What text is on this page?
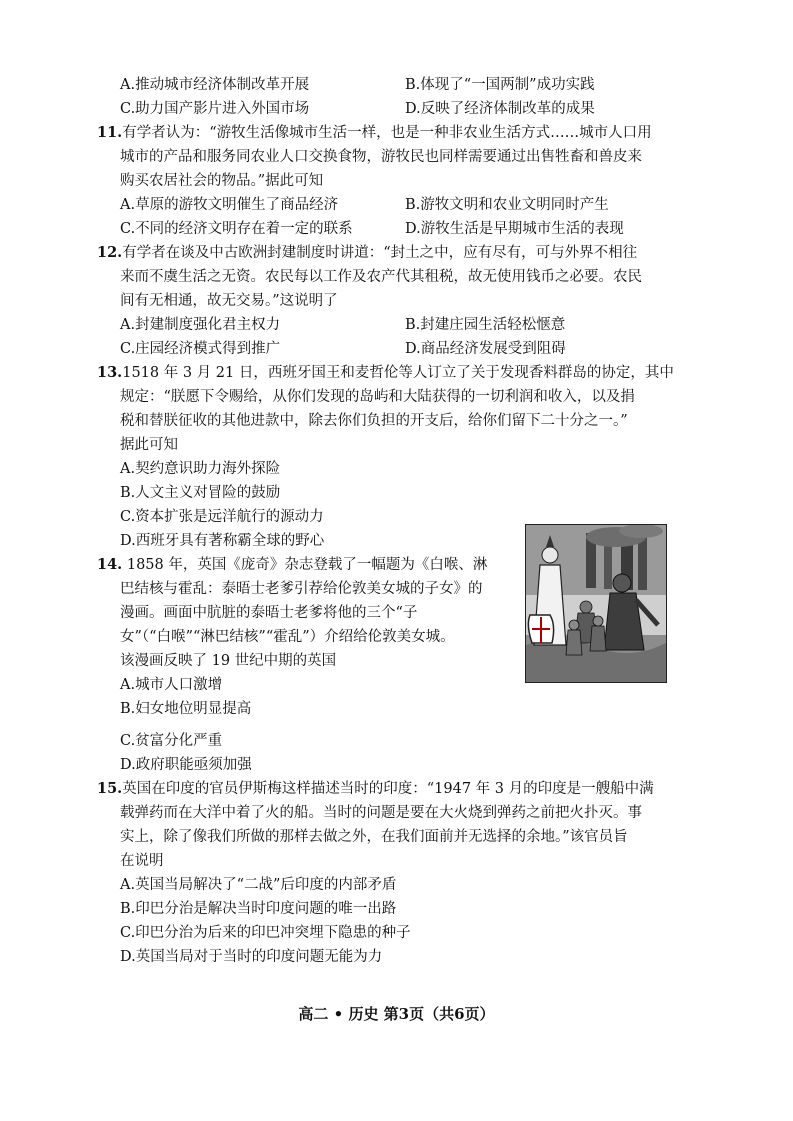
A.推动城市经济体制改革开展	B.体现了“一国两制”成功实践
C.助力国产影片进入外国市场	D.反映了经济体制改革的成果
11.有学者认为：“游牧生活像城市生活一样，也是一种非农业生活方式……城市人口用
城市的产品和服务同农业人口交换食物，游牧民也同样需要通过出售牲畜和兽皮来
购买农居社会的物品。”据此可知
A.草原的游牧文明催生了商品经济	B.游牧文明和农业文明同时产生
C.不同的经济文明存在着一定的联系	D.游牧生活是早期城市生活的表现
12.有学者在谈及中古欧洲封建制度时讲道：“封土之中，应有尽有，可与外界不相往
来而不虞生活之无资。农民每以工作及农产代其租税，故无使用钱币之必要。农民
间有无相通，故无交易。”这说明了
A.封建制度强化君主权力	B.封建庄园生活轻松惬意
C.庄园经济模式得到推广	D.商品经济发展受到阻碍
13.1518 年 3 月 21 日，西班牙国王和麦哲伦等人订立了关于发现香料群岛的协定，其中
规定：“朕愿下令赐给，从你们发现的岛屿和大陆获得的一切利润和收入，以及捐
税和替朕征收的其他进款中，除去你们负担的开支后，给你们留下二十分之一。”
据此可知
A.契约意识助力海外探险
B.人文主义对冒险的鼓励
C.资本扩张是远洋航行的源动力
D.西班牙具有著称霸全球的野心
14. 1858 年，英国《庞奇》杂志登载了一幅题为《白喉、淋
巴结核与霍乱：泰晤士老爹引荐给伦敦美女城的子女》的
漫画。画面中肮脏的泰晤士老爹将他的三个“子
女”（“白喉”“淋巴结核”“霍乱”）介绍给伦敦美女城。
该漫画反映了 19 世纪中期的英国
A.城市人口激增
B.妇女地位明显提高
C.贫富分化严重
D.政府职能亟须加强
15.英国在印度的官员伊斯梅这样描述当时的印度：“1947 年 3 月的印度是一艘船中满
载弹药而在大洋中着了火的船。当时的问题是要在大火烧到弹药之前把火扑灭。事
实上，除了像我们所做的那样去做之外，在我们面前并无选择的余地。”该官员旨
在说明
A.英国当局解决了“二战”后印度的内部矛盾
B.印巴分治是解决当时印度问题的唯一出路
C.印巴分治为后来的印巴冲突埋下隐患的种子
D.英国当局对于当时的印度问题无能为力
高二 • 历史 第3页（共6页）
